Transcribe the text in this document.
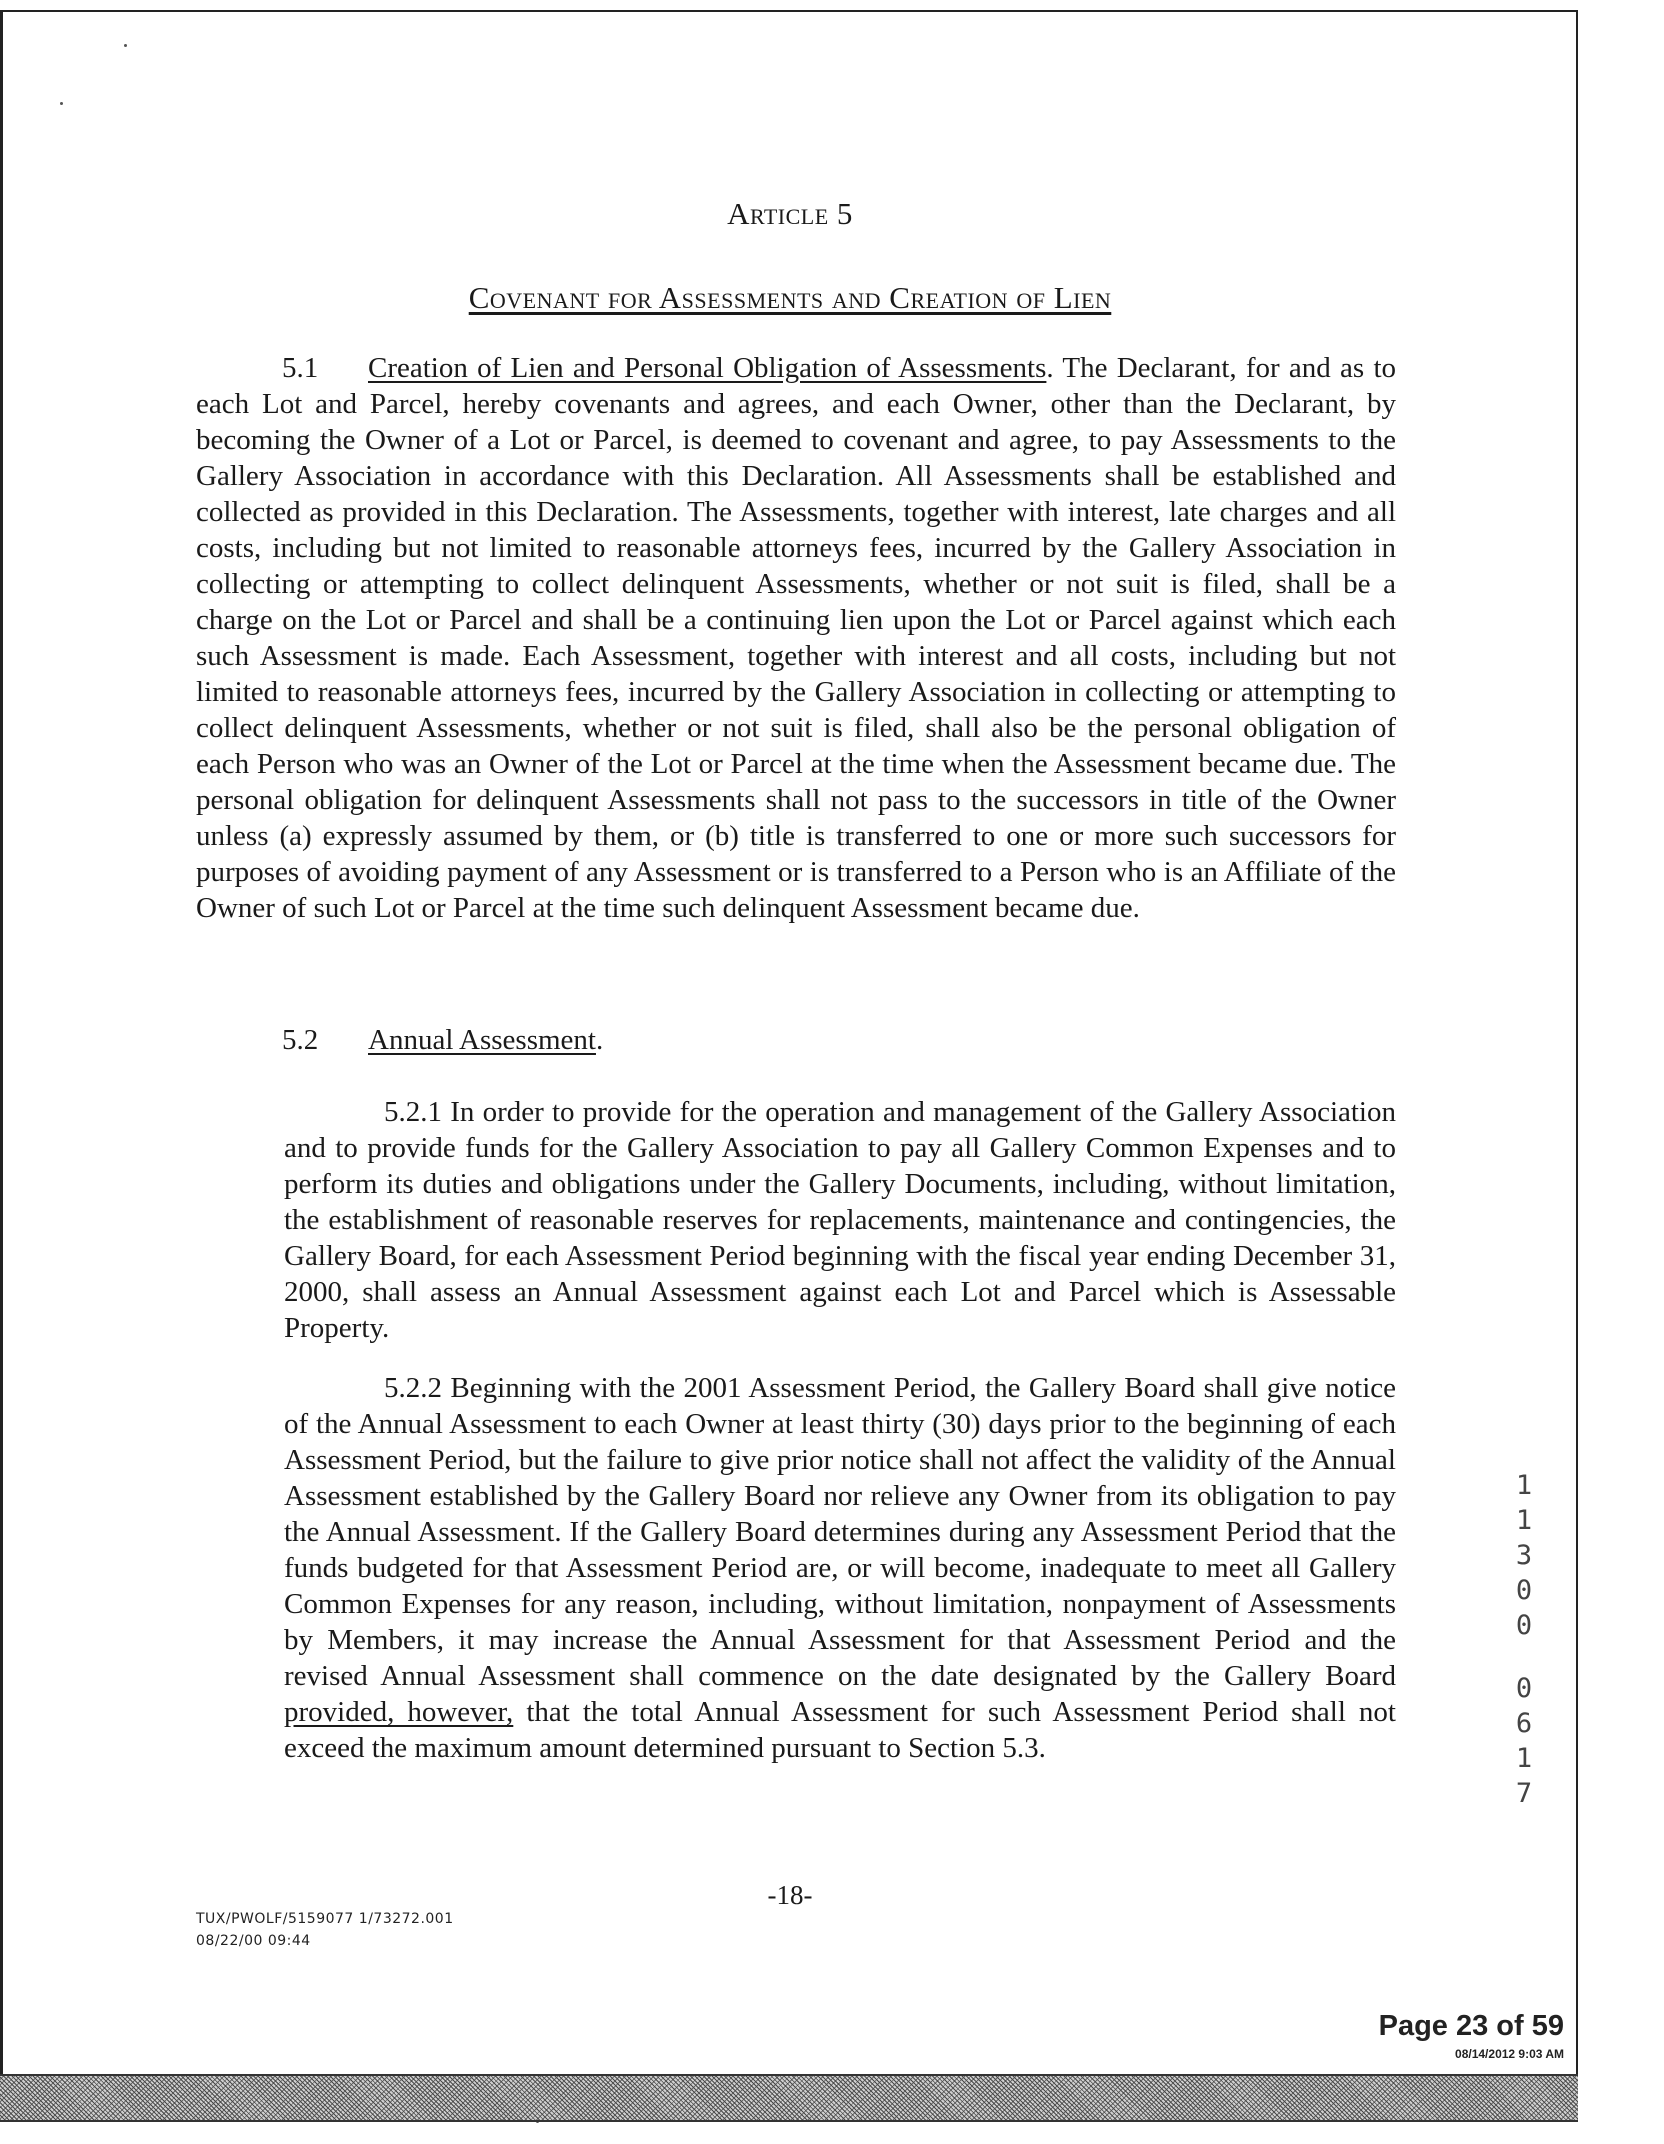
Article 5
Covenant for Assessments and Creation of Lien

5.1 Creation of Lien and Personal Obligation of Assessments. The Declarant, for and as to each Lot and Parcel, hereby covenants and agrees, and each Owner, other than the Declarant, by becoming the Owner of a Lot or Parcel, is deemed to covenant and agree, to pay Assessments to the Gallery Association in accordance with this Declaration. All Assessments shall be established and collected as provided in this Declaration. The Assessments, together with interest, late charges and all costs, including but not limited to reasonable attorneys fees, incurred by the Gallery Association in collecting or attempting to collect delinquent Assessments, whether or not suit is filed, shall be a charge on the Lot or Parcel and shall be a continuing lien upon the Lot or Parcel against which each such Assessment is made. Each Assessment, together with interest and all costs, including but not limited to reasonable attorneys fees, incurred by the Gallery Association in collecting or attempting to collect delinquent Assessments, whether or not suit is filed, shall also be the personal obligation of each Person who was an Owner of the Lot or Parcel at the time when the Assessment became due. The personal obligation for delinquent Assessments shall not pass to the successors in title of the Owner unless (a) expressly assumed by them, or (b) title is transferred to one or more such successors for purposes of avoiding payment of any Assessment or is transferred to a Person who is an Affiliate of the Owner of such Lot or Parcel at the time such delinquent Assessment became due.

5.2 Annual Assessment.

5.2.1 In order to provide for the operation and management of the Gallery Association and to provide funds for the Gallery Association to pay all Gallery Common Expenses and to perform its duties and obligations under the Gallery Documents, including, without limitation, the establishment of reasonable reserves for replacements, maintenance and contingencies, the Gallery Board, for each Assessment Period beginning with the fiscal year ending December 31, 2000, shall assess an Annual Assessment against each Lot and Parcel which is Assessable Property.

5.2.2 Beginning with the 2001 Assessment Period, the Gallery Board shall give notice of the Annual Assessment to each Owner at least thirty (30) days prior to the beginning of each Assessment Period, but the failure to give prior notice shall not affect the validity of the Annual Assessment established by the Gallery Board nor relieve any Owner from its obligation to pay the Annual Assessment. If the Gallery Board determines during any Assessment Period that the funds budgeted for that Assessment Period are, or will become, inadequate to meet all Gallery Common Expenses for any reason, including, without limitation, nonpayment of Assessments by Members, it may increase the Annual Assessment for that Assessment Period and the revised Annual Assessment shall commence on the date designated by the Gallery Board provided, however, that the total Annual Assessment for such Assessment Period shall not exceed the maximum amount determined pursuant to Section 5.3.

-18-
TUX/PWOLF/5159077 1/73272.001
08/22/00 09:44
1
1
3
0
0
0
6
1
7
Page 23 of 59
08/14/2012 9:03 AM
